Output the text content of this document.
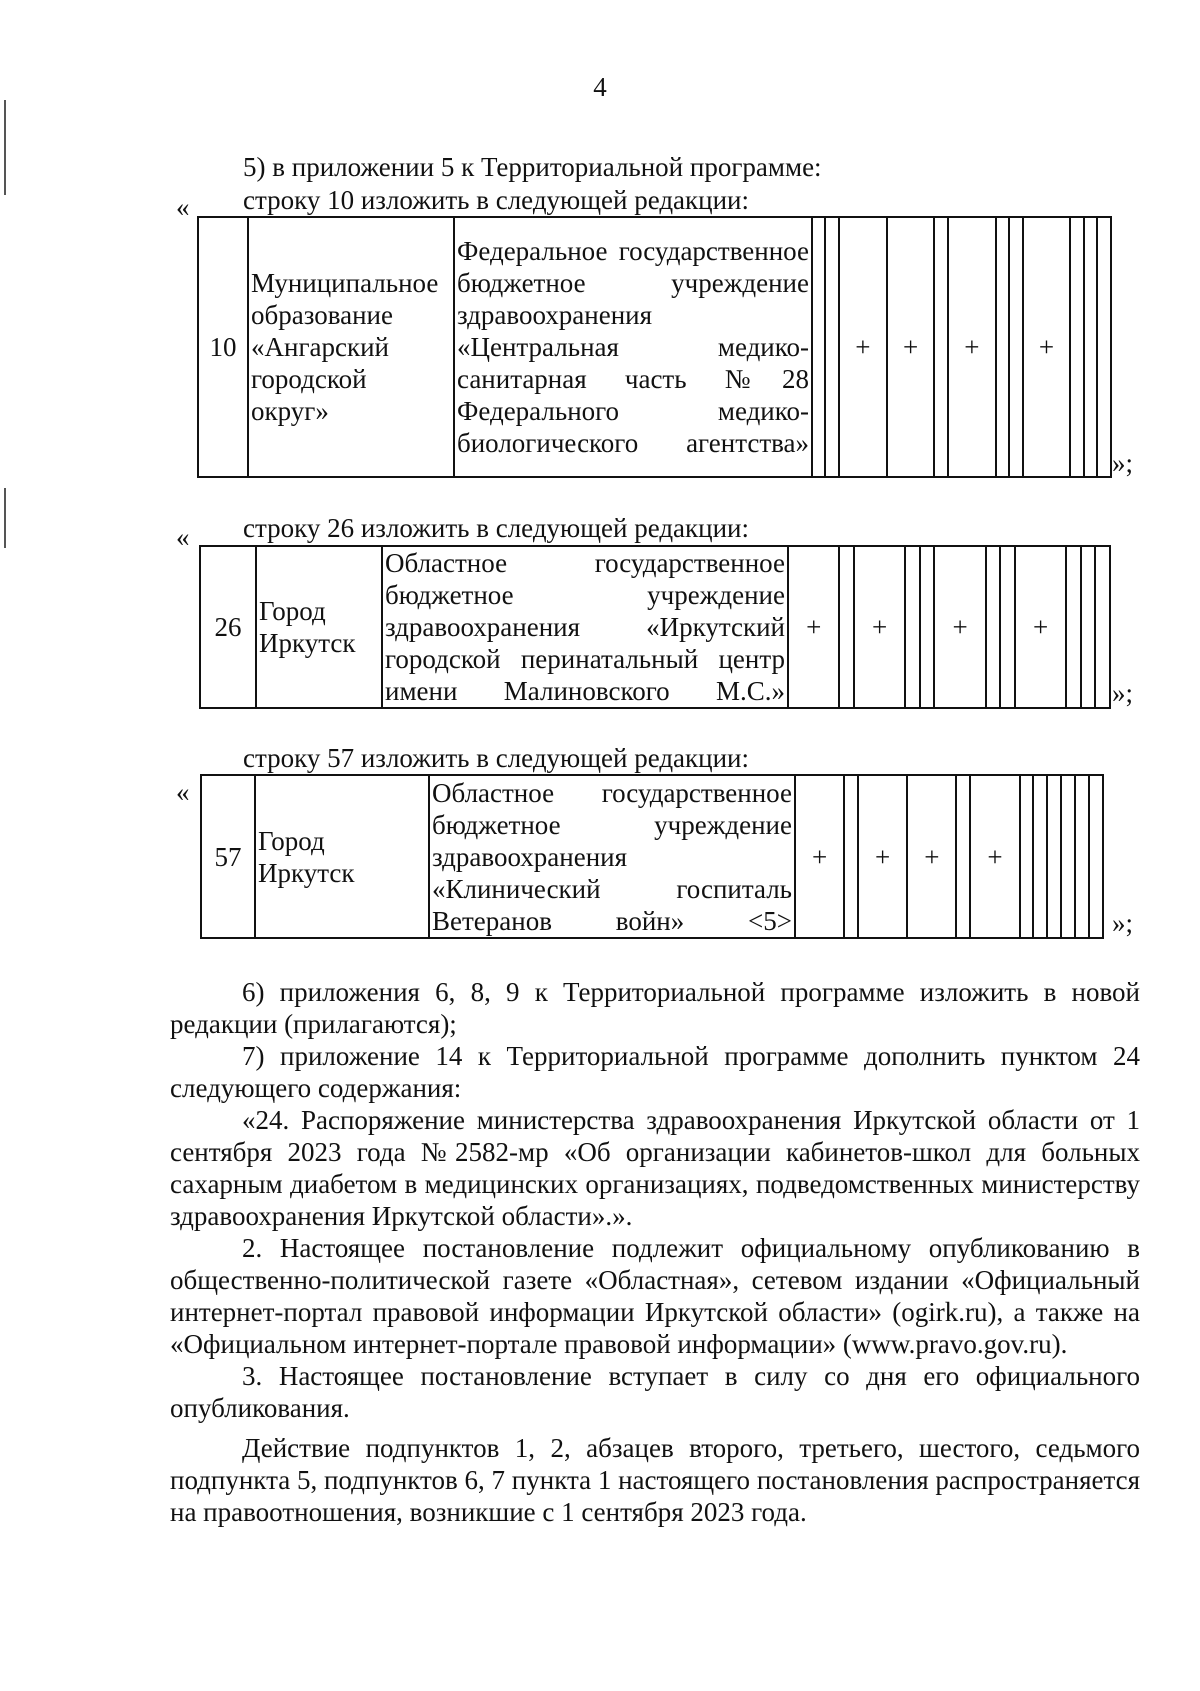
4
5) в приложении 5 к Территориальной программе:
строку 10 изложить в следующей редакции:
«
10	Муниципальное образование «Ангарский городской округ»	Федеральное государственное бюджетное учреждение здравоохранения «Центральная медико-санитарная часть №28 Федерального медико-биологического агентства»			+	+		+			+			
»;
строку 26 изложить в следующей редакции:
«
26	Город Иркутск	Областное государственное бюджетное учреждение здравоохранения «Иркутский городской перинатальный центр имени Малиновского М.С.»	+		+			+			+			
»;
строку 57 изложить в следующей редакции:
«
57	Город Иркутск	Областное государственное бюджетное учреждение здравоохранения «Клинический госпиталь Ветеранов войн» <5>	+		+	+		+						
»;
6) приложения 6, 8, 9 к Территориальной программе изложить в новой редакции (прилагаются);
7) приложение 14 к Территориальной программе дополнить пунктом 24 следующего содержания:
«24. Распоряжение министерства здравоохранения Иркутской области от 1 сентября 2023 года №2582-мр «Об организации кабинетов-школ для больных сахарным диабетом в медицинских организациях, подведомственных министерству здравоохранения Иркутской области».».
2. Настоящее постановление подлежит официальному опубликованию в общественно-политической газете «Областная», сетевом издании «Официальный интернет-портал правовой информации Иркутской области» (ogirk.ru), а также на «Официальном интернет-портале правовой информации» (www.pravo.gov.ru).
3. Настоящее постановление вступает в силу со дня его официального опубликования.
Действие подпунктов 1, 2, абзацев второго, третьего, шестого, седьмого подпункта 5, подпунктов 6, 7 пункта 1 настоящего постановления распространяется на правоотношения, возникшие с 1 сентября 2023 года.
